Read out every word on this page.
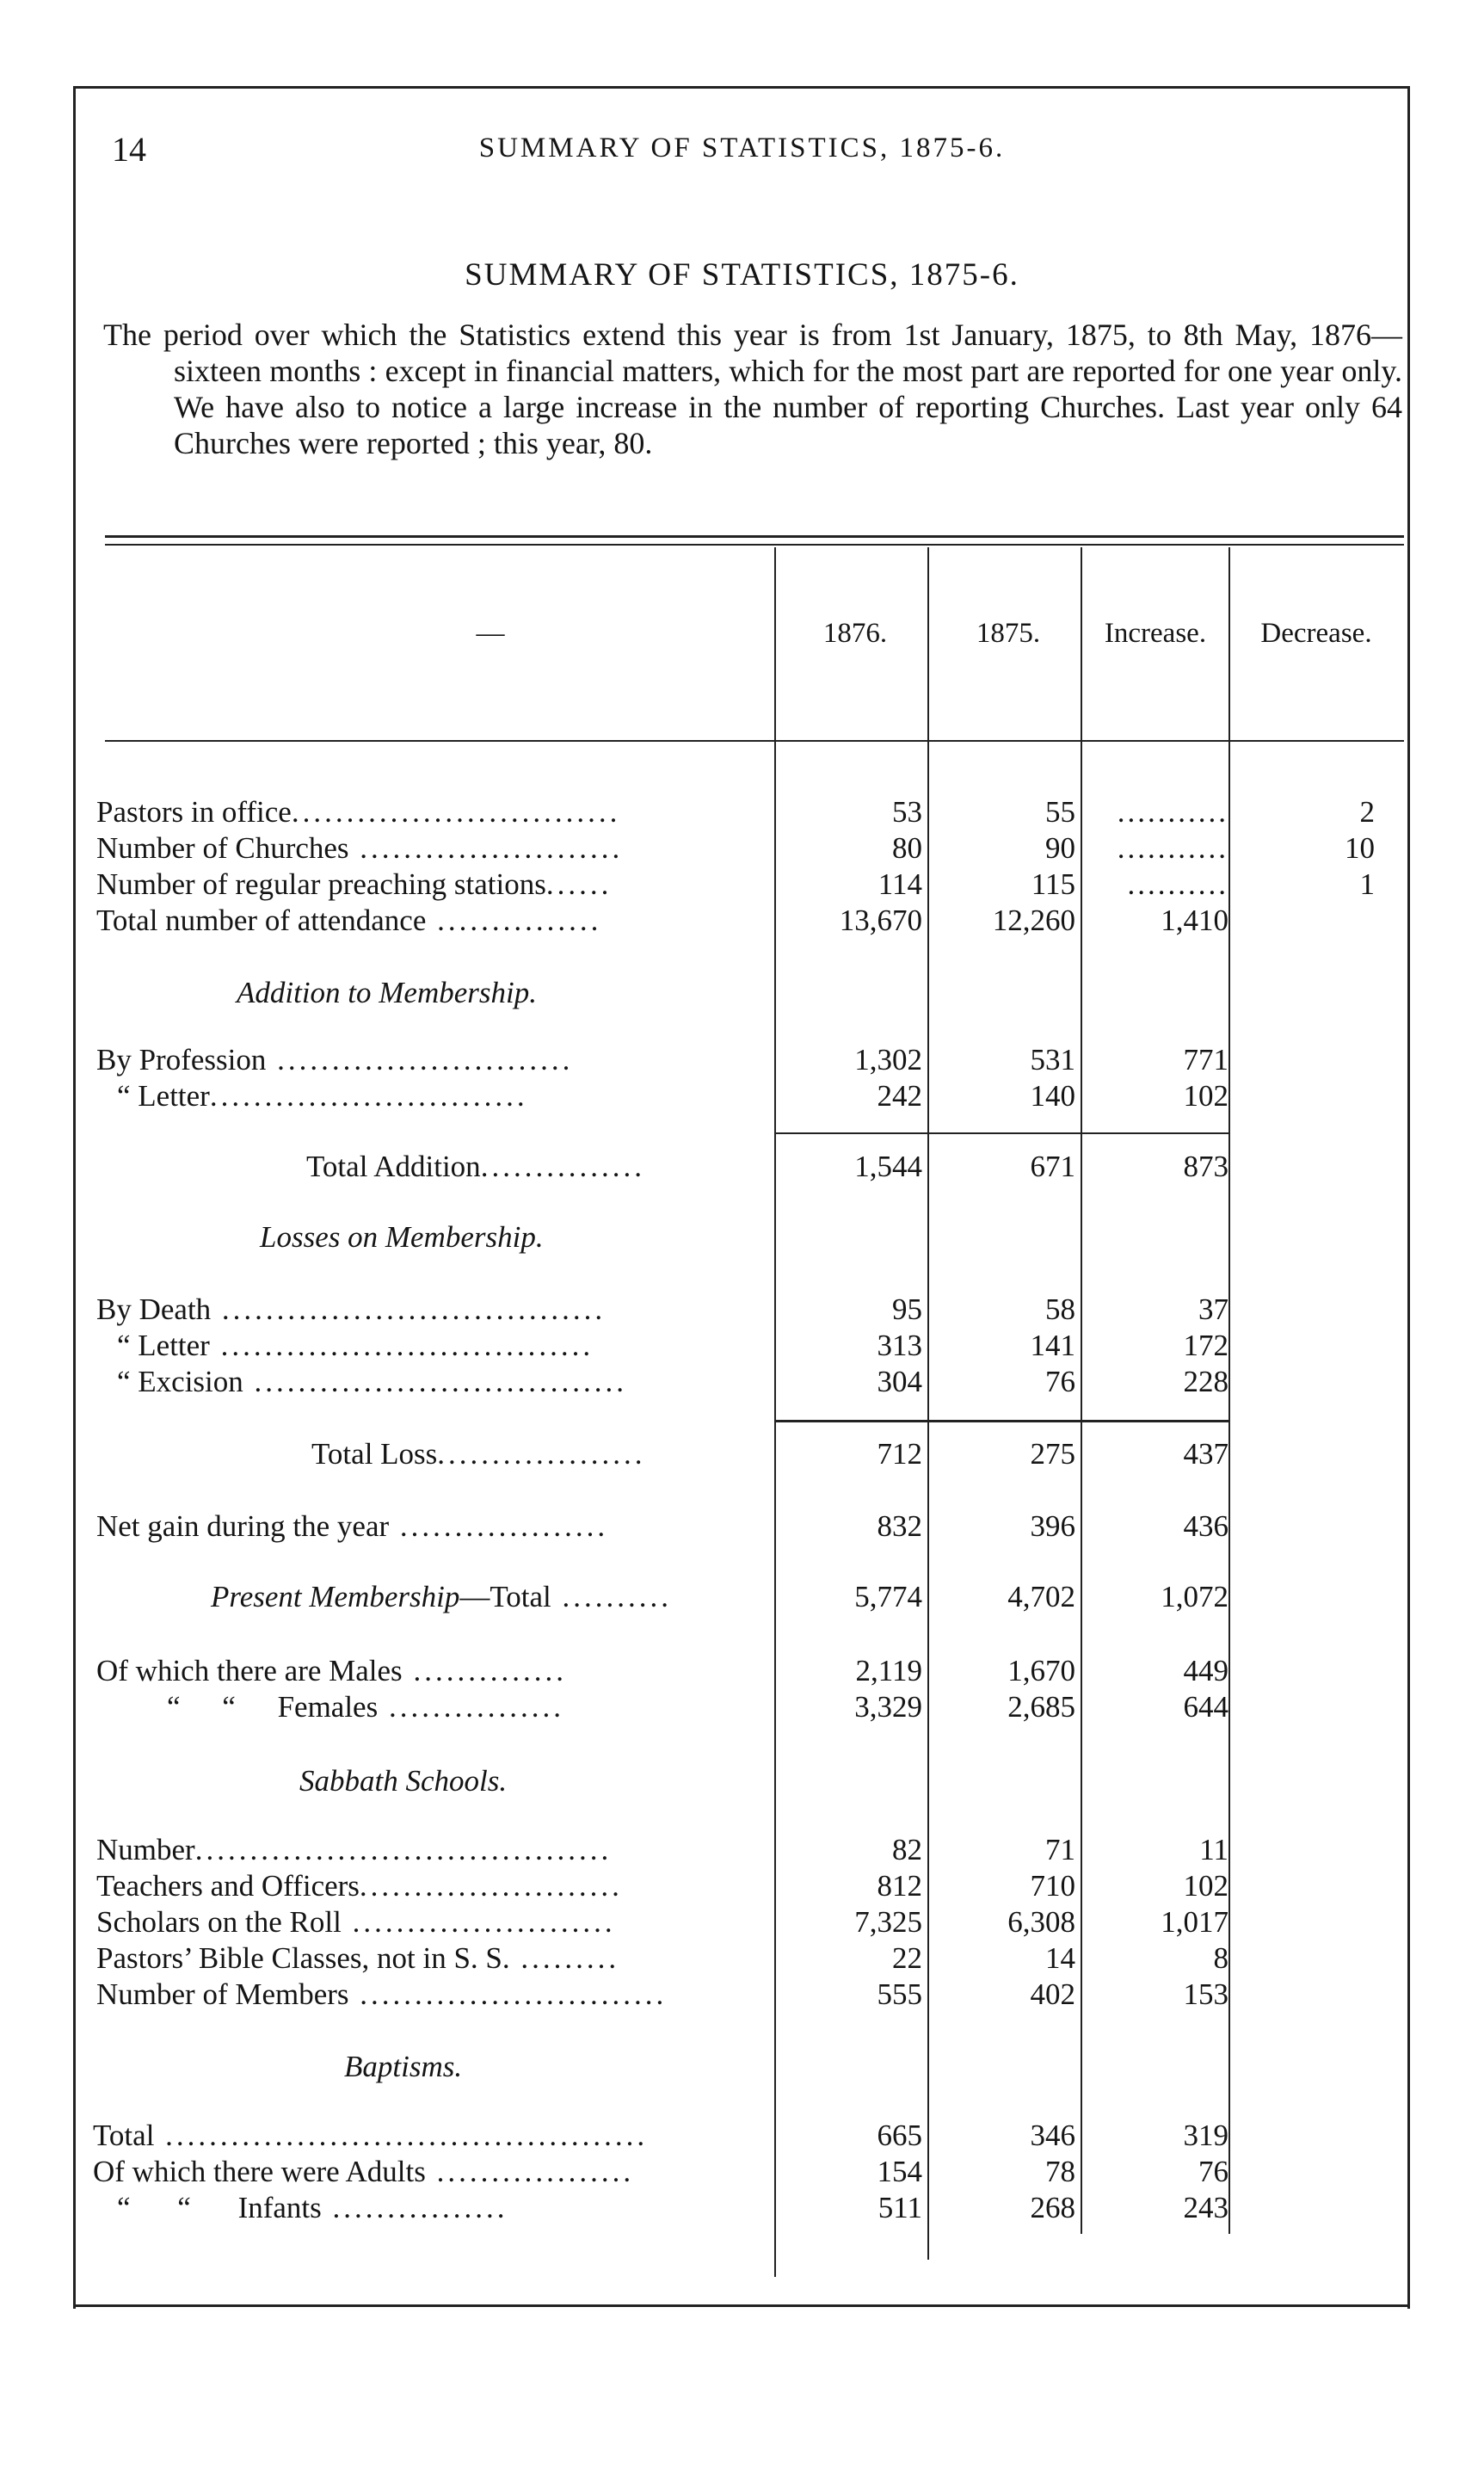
14	SUMMARY OF STATISTICS, 1875-6.
SUMMARY OF STATISTICS, 1875-6.

The period over which the Statistics extend this year is from 1st January, 1875, to 8th May, 1876—sixteen months : except in financial matters, which for the most part are reported for one year only. We have also to notice a large increase in the number of reporting Churches. Last year only 64 Churches were reported ; this year, 80.

—	1876.	1875.	Increase.	Decrease.
Pastors in office..............................	53	55	...........	2
Number of Churches ........................	80	90	...........	10
Number of regular preaching stations......	114	115	..........	1
Total number of attendance ...............	13,670	12,260	1,410
Addition to Membership.
By Profession ...........................	1,302	531	771
“ Letter.............................	242	140	102
Total Addition...............	1,544	671	873
Losses on Membership.
By Death ...................................	95	58	37
“ Letter ..................................	313	141	172
“ Excision ..................................	304	76	228
Total Loss...................	712	275	437
Net gain during the year ...................	832	396	436
Present Membership—Total ..........	5,774	4,702	1,072
Of which there are Males ..............	2,119	1,670	449
“ “ Females ................	3,329	2,685	644
Sabbath Schools.
Number......................................	82	71	11
Teachers and Officers........................	812	710	102
Scholars on the Roll ........................	7,325	6,308	1,017
Pastors’ Bible Classes, not in S. S. .........	22	14	8
Number of Members ............................	555	402	153
Baptisms.
Total ............................................	665	346	319
Of which there were Adults ..................	154	78	76
“ “ Infants ................	511	268	243
